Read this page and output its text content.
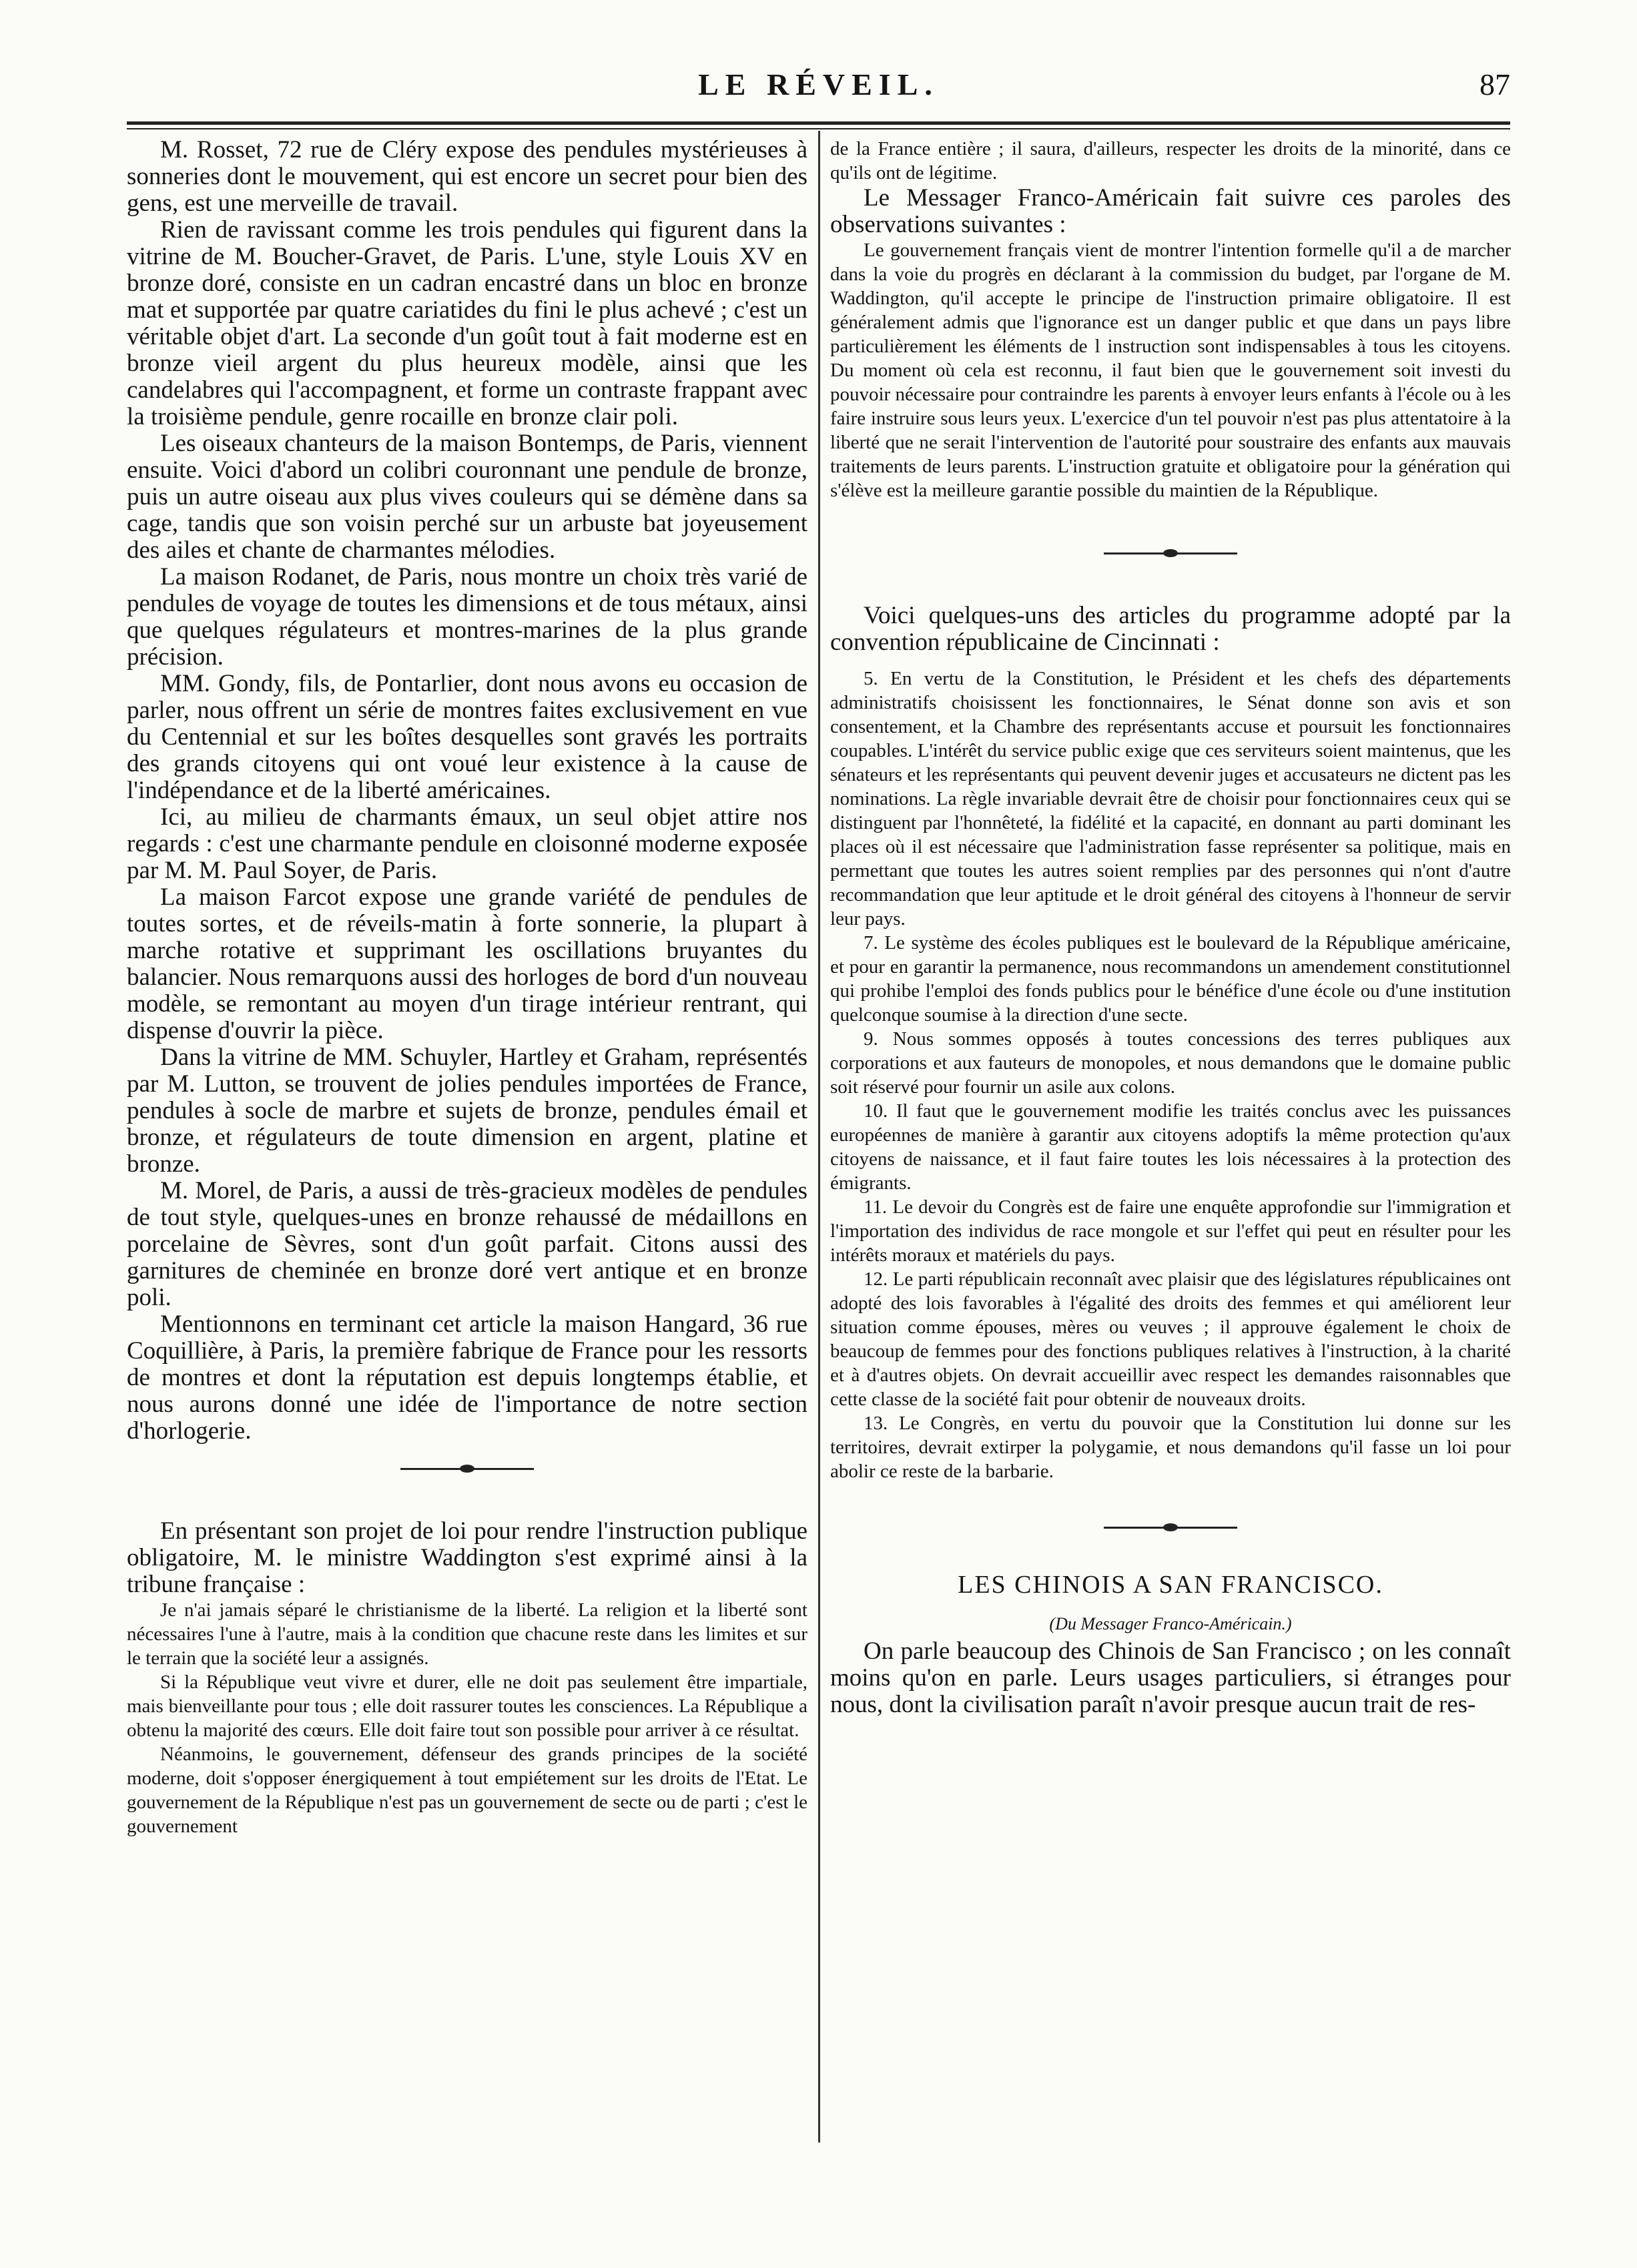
LE RÉVEIL.	87

M. Rosset, 72 rue de Cléry expose des pendules mystérieuses à sonneries dont le mouvement, qui est encore un secret pour bien des gens, est une merveille de travail.

Rien de ravissant comme les trois pendules qui figurent dans la vitrine de M. Boucher-Gravet, de Paris. L'une, style Louis XV en bronze doré, consiste en un cadran encastré dans un bloc en bronze mat et supportée par quatre cariatides du fini le plus achevé ; c'est un véritable objet d'art. La seconde d'un goût tout à fait moderne est en bronze vieil argent du plus heureux modèle, ainsi que les candelabres qui l'accompagnent, et forme un contraste frappant avec la troisième pendule, genre rocaille en bronze clair poli.

Les oiseaux chanteurs de la maison Bontemps, de Paris, viennent ensuite. Voici d'abord un colibri couronnant une pendule de bronze, puis un autre oiseau aux plus vives couleurs qui se démène dans sa cage, tandis que son voisin perché sur un arbuste bat joyeusement des ailes et chante de charmantes mélodies.

La maison Rodanet, de Paris, nous montre un choix très varié de pendules de voyage de toutes les dimensions et de tous métaux, ainsi que quelques régulateurs et montres-marines de la plus grande précision.

MM. Gondy, fils, de Pontarlier, dont nous avons eu occasion de parler, nous offrent un série de montres faites exclusivement en vue du Centennial et sur les boîtes desquelles sont gravés les portraits des grands citoyens qui ont voué leur existence à la cause de l'indépendance et de la liberté américaines.

Ici, au milieu de charmants émaux, un seul objet attire nos regards : c'est une charmante pendule en cloisonné moderne exposée par M. M. Paul Soyer, de Paris.

La maison Farcot expose une grande variété de pendules de toutes sortes, et de réveils-matin à forte sonnerie, la plupart à marche rotative et supprimant les oscillations bruyantes du balancier. Nous remarquons aussi des horloges de bord d'un nouveau modèle, se remontant au moyen d'un tirage intérieur rentrant, qui dispense d'ouvrir la pièce.

Dans la vitrine de MM. Schuyler, Hartley et Graham, représentés par M. Lutton, se trouvent de jolies pendules importées de France, pendules à socle de marbre et sujets de bronze, pendules émail et bronze, et régulateurs de toute dimension en argent, platine et bronze.

M. Morel, de Paris, a aussi de très-gracieux modèles de pendules de tout style, quelques-unes en bronze rehaussé de médaillons en porcelaine de Sèvres, sont d'un goût parfait. Citons aussi des garnitures de cheminée en bronze doré vert antique et en bronze poli.

Mentionnons en terminant cet article la maison Hangard, 36 rue Coquillière, à Paris, la première fabrique de France pour les ressorts de montres et dont la réputation est depuis longtemps établie, et nous aurons donné une idée de l'importance de notre section d'horlogerie.

En présentant son projet de loi pour rendre l'instruction publique obligatoire, M. le ministre Waddington s'est exprimé ainsi à la tribune française :

Je n'ai jamais séparé le christianisme de la liberté. La religion et la liberté sont nécessaires l'une à l'autre, mais à la condition que chacune reste dans les limites et sur le terrain que la société leur a assignés.

Si la République veut vivre et durer, elle ne doit pas seulement être impartiale, mais bienveillante pour tous ; elle doit rassurer toutes les consciences. La République a obtenu la majorité des cœurs. Elle doit faire tout son possible pour arriver à ce résultat.

Néanmoins, le gouvernement, défenseur des grands principes de la société moderne, doit s'opposer énergiquement à tout empiétement sur les droits de l'Etat. Le gouvernement de la République n'est pas un gouvernement de secte ou de parti ; c'est le gouvernement

de la France entière ; il saura, d'ailleurs, respecter les droits de la minorité, dans ce qu'ils ont de légitime.

Le Messager Franco-Américain fait suivre ces paroles des observations suivantes :

Le gouvernement français vient de montrer l'intention formelle qu'il a de marcher dans la voie du progrès en déclarant à la commission du budget, par l'organe de M. Waddington, qu'il accepte le principe de l'instruction primaire obligatoire. Il est généralement admis que l'ignorance est un danger public et que dans un pays libre particulièrement les éléments de l instruction sont indispensables à tous les citoyens. Du moment où cela est reconnu, il faut bien que le gouvernement soit investi du pouvoir nécessaire pour contraindre les parents à envoyer leurs enfants à l'école ou à les faire instruire sous leurs yeux. L'exercice d'un tel pouvoir n'est pas plus attentatoire à la liberté que ne serait l'intervention de l'autorité pour soustraire des enfants aux mauvais traitements de leurs parents. L'instruction gratuite et obligatoire pour la génération qui s'élève est la meilleure garantie possible du maintien de la République.

Voici quelques-uns des articles du programme adopté par la convention républicaine de Cincinnati :

5. En vertu de la Constitution, le Président et les chefs des départements administratifs choisissent les fonctionnaires, le Sénat donne son avis et son consentement, et la Chambre des représentants accuse et poursuit les fonctionnaires coupables. L'intérêt du service public exige que ces serviteurs soient maintenus, que les sénateurs et les représentants qui peuvent devenir juges et accusateurs ne dictent pas les nominations. La règle invariable devrait être de choisir pour fonctionnaires ceux qui se distinguent par l'honnêteté, la fidélité et la capacité, en donnant au parti dominant les places où il est nécessaire que l'administration fasse représenter sa politique, mais en permettant que toutes les autres soient remplies par des personnes qui n'ont d'autre recommandation que leur aptitude et le droit général des citoyens à l'honneur de servir leur pays.

7. Le système des écoles publiques est le boulevard de la République américaine, et pour en garantir la permanence, nous recommandons un amendement constitutionnel qui prohibe l'emploi des fonds publics pour le bénéfice d'une école ou d'une institution quelconque soumise à la direction d'une secte.

9. Nous sommes opposés à toutes concessions des terres publiques aux corporations et aux fauteurs de monopoles, et nous demandons que le domaine public soit réservé pour fournir un asile aux colons.

10. Il faut que le gouvernement modifie les traités conclus avec les puissances européennes de manière à garantir aux citoyens adoptifs la même protection qu'aux citoyens de naissance, et il faut faire toutes les lois nécessaires à la protection des émigrants.

11. Le devoir du Congrès est de faire une enquête approfondie sur l'immigration et l'importation des individus de race mongole et sur l'effet qui peut en résulter pour les intérêts moraux et matériels du pays.

12. Le parti républicain reconnaît avec plaisir que des législatures républicaines ont adopté des lois favorables à l'égalité des droits des femmes et qui améliorent leur situation comme épouses, mères ou veuves ; il approuve également le choix de beaucoup de femmes pour des fonctions publiques relatives à l'instruction, à la charité et à d'autres objets. On devrait accueillir avec respect les demandes raisonnables que cette classe de la société fait pour obtenir de nouveaux droits.

13. Le Congrès, en vertu du pouvoir que la Constitution lui donne sur les territoires, devrait extirper la polygamie, et nous demandons qu'il fasse un loi pour abolir ce reste de la barbarie.

LES CHINOIS A SAN FRANCISCO.
(Du Messager Franco-Américain.)

On parle beaucoup des Chinois de San Francisco ; on les connaît moins qu'on en parle. Leurs usages particuliers, si étranges pour nous, dont la civilisation paraît n'avoir presque aucun trait de res-
